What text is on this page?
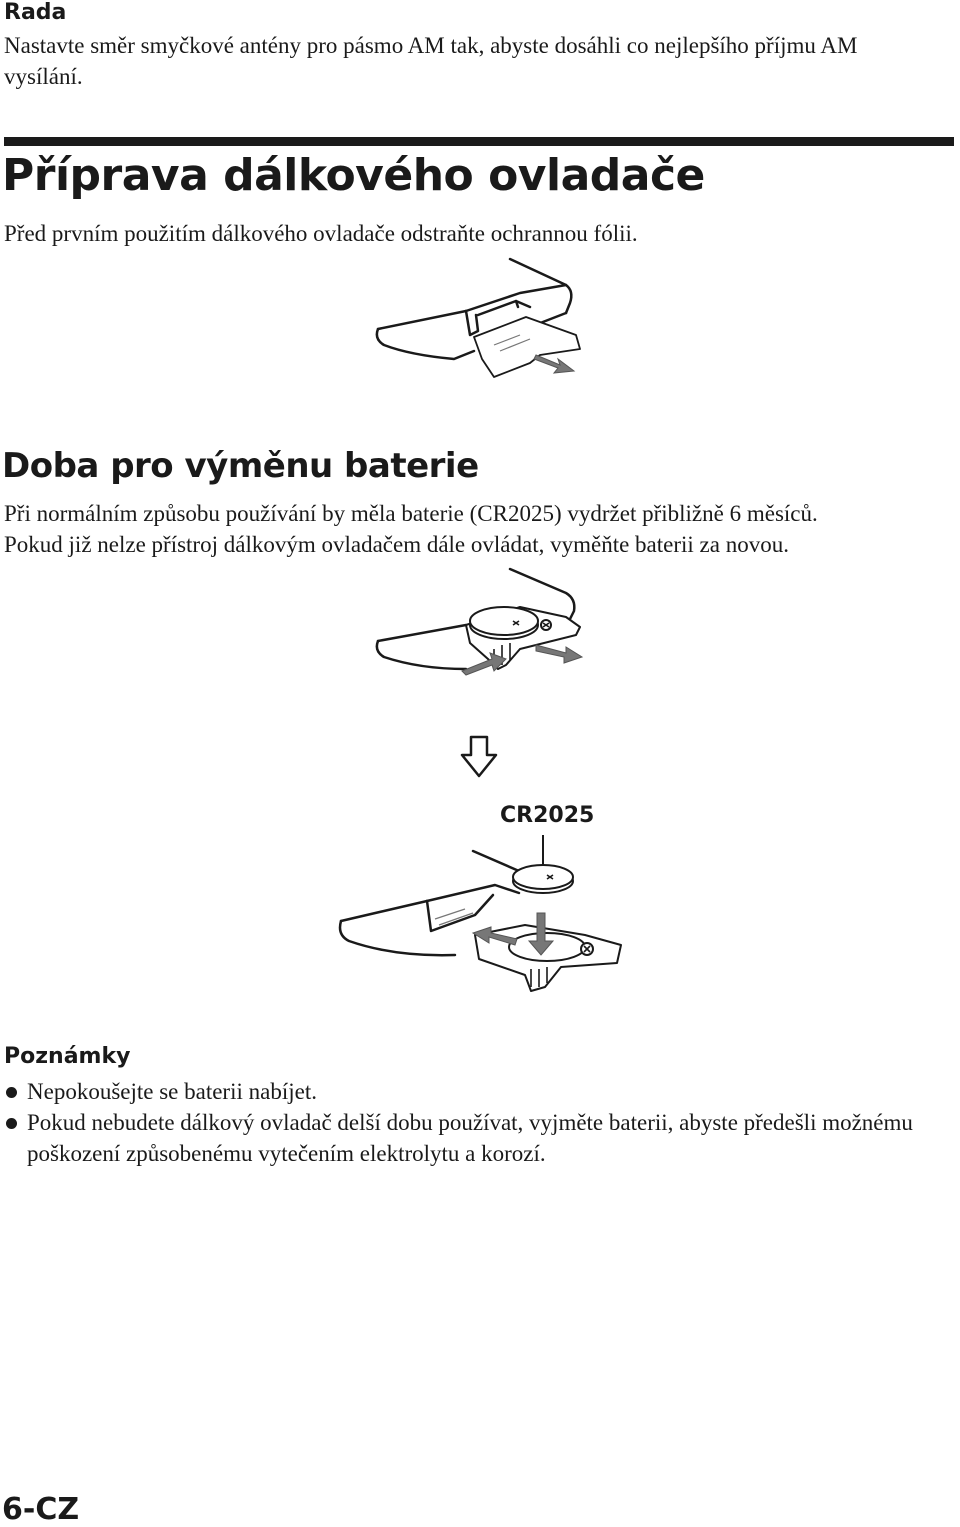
Rada
Nastavte směr smyčkové antény pro pásmo AM tak, abyste dosáhli co nejlepšího příjmu AM vysílání.
Příprava dálkového ovladače
Před prvním použitím dálkového ovladače odstraňte ochrannou fólii.
Doba pro výměnu baterie
Při normálním způsobu používání by měla baterie (CR2025) vydržet přibližně 6 měsíců.
Pokud již nelze přístroj dálkovým ovladačem dále ovládat, vyměňte baterii za novou.
CR2025
Poznámky
Nepokoušejte se baterii nabíjet.
Pokud nebudete dálkový ovladač delší dobu používat, vyjměte baterii, abyste předešli možnému poškození způsobenému vytečením elektrolytu a korozí.
6-CZ
